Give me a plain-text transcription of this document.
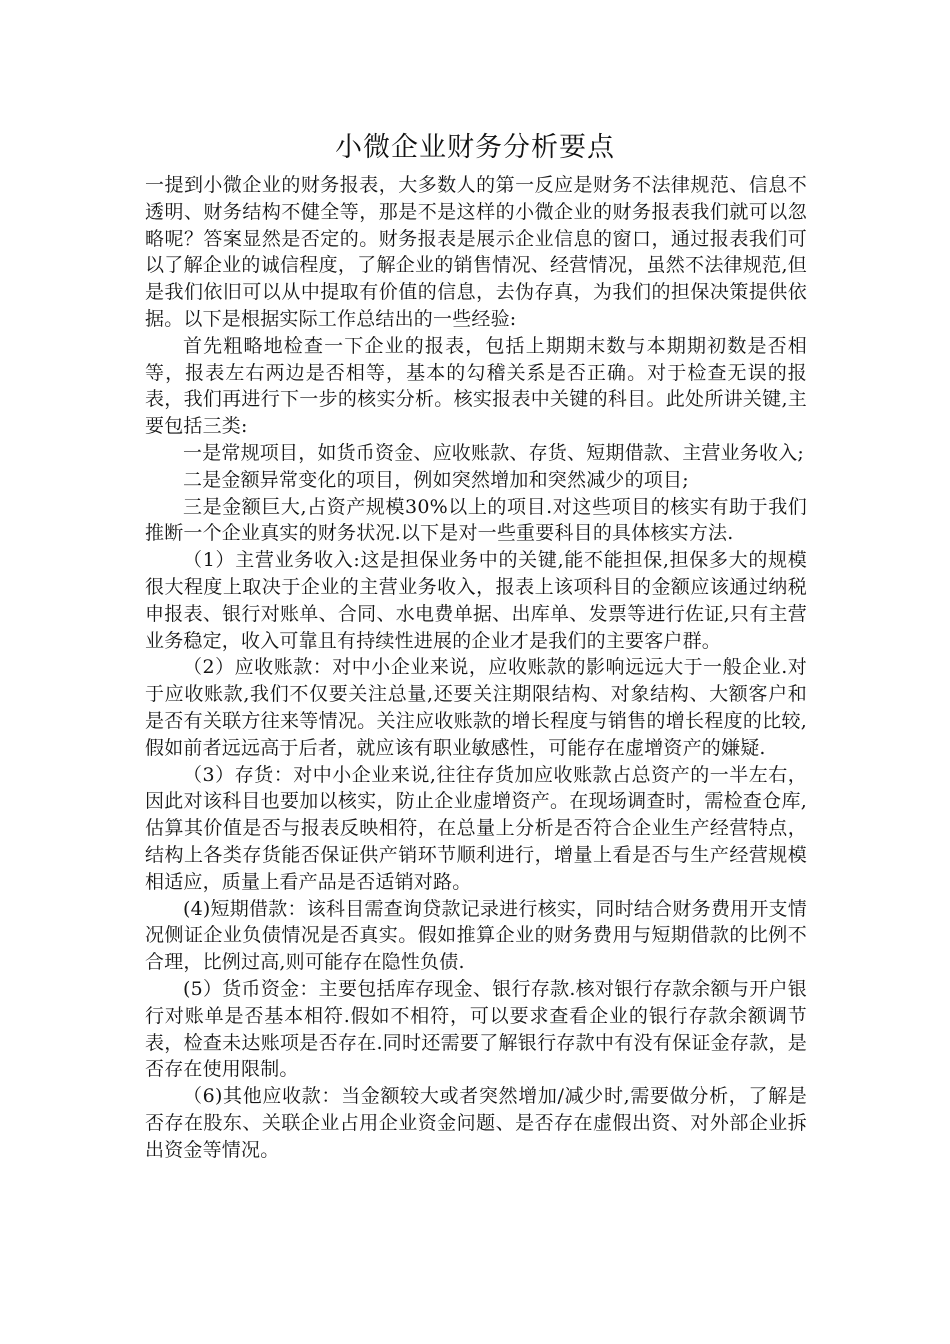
小微企业财务分析要点

一提到小微企业的财务报表，大多数人的第一反应是财务不法律规范、信息不透明、财务结构不健全等，那是不是这样的小微企业的财务报表我们就可以忽略呢？答案显然是否定的。财务报表是展示企业信息的窗口，通过报表我们可以了解企业的诚信程度，了解企业的销售情况、经营情况，虽然不法律规范,但是我们依旧可以从中提取有价值的信息，去伪存真，为我们的担保决策提供依据。以下是根据实际工作总结出的一些经验:

首先粗略地检查一下企业的报表，包括上期期末数与本期期初数是否相等，报表左右两边是否相等，基本的勾稽关系是否正确。对于检查无误的报表，我们再进行下一步的核实分析。核实报表中关键的科目。此处所讲关键,主要包括三类:

一是常规项目，如货币资金、应收账款、存货、短期借款、主营业务收入;

二是金额异常变化的项目，例如突然增加和突然减少的项目;

三是金额巨大,占资产规模30%以上的项目.对这些项目的核实有助于我们推断一个企业真实的财务状况.以下是对一些重要科目的具体核实方法.

（1）主营业务收入:这是担保业务中的关键,能不能担保,担保多大的规模很大程度上取决于企业的主营业务收入，报表上该项科目的金额应该通过纳税申报表、银行对账单、合同、水电费单据、出库单、发票等进行佐证,只有主营业务稳定，收入可靠且有持续性进展的企业才是我们的主要客户群。

（2）应收账款：对中小企业来说，应收账款的影响远远大于一般企业.对于应收账款,我们不仅要关注总量,还要关注期限结构、对象结构、大额客户和是否有关联方往来等情况。关注应收账款的增长程度与销售的增长程度的比较,假如前者远远高于后者，就应该有职业敏感性，可能存在虚增资产的嫌疑.

（3）存货：对中小企业来说,往往存货加应收账款占总资产的一半左右，因此对该科目也要加以核实，防止企业虚增资产。在现场调查时，需检查仓库,估算其价值是否与报表反映相符，在总量上分析是否符合企业生产经营特点，结构上各类存货能否保证供产销环节顺利进行，增量上看是否与生产经营规模相适应，质量上看产品是否适销对路。

(4)短期借款：该科目需查询贷款记录进行核实，同时结合财务费用开支情况侧证企业负债情况是否真实。假如推算企业的财务费用与短期借款的比例不合理，比例过高,则可能存在隐性负债.

(5）货币资金：主要包括库存现金、银行存款.核对银行存款余额与开户银行对账单是否基本相符.假如不相符，可以要求查看企业的银行存款余额调节表，检查未达账项是否存在.同时还需要了解银行存款中有没有保证金存款，是否存在使用限制。

（6)其他应收款：当金额较大或者突然增加/减少时,需要做分析，了解是否存在股东、关联企业占用企业资金问题、是否存在虚假出资、对外部企业拆出资金等情况。
